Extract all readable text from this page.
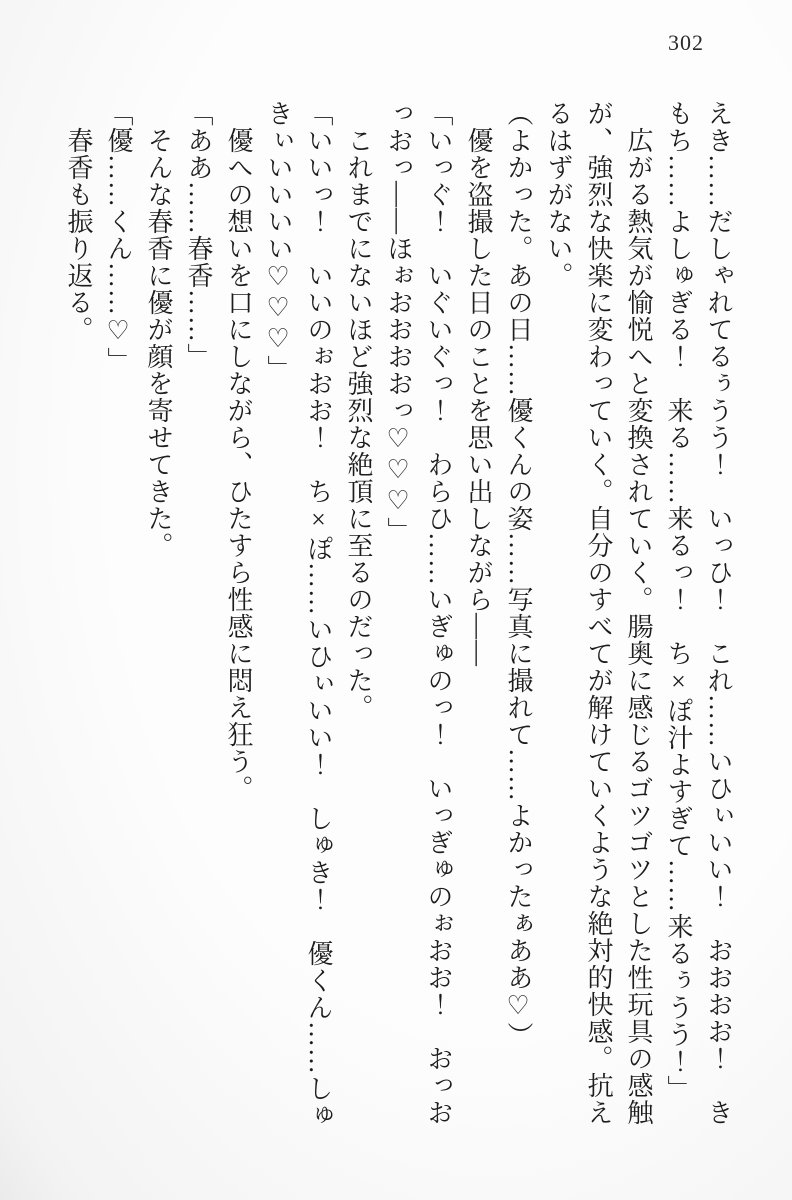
302

えき……だしゃれてるぅうう！　いっひ！　これ……いひぃいい！　おおおお！　き

もち……よしゅぎる！　来る……来るっ！　ち×ぽ汁よすぎて……来るぅうう！」

広がる熱気が愉悦へと変換されていく。腸奥に感じるゴツゴツとした性玩具の感触

が、強烈な快楽に変わっていく。自分のすべてが解けていくような絶対的快感。抗え

るはずがない。

（よかった。あの日……優くんの姿……写真に撮れて……よかったぁああ♡）

優を盗撮した日のことを思い出しながら——

「いっぐ！　いぐいぐっ！　わらひ……いぎゅのっ！　いっぎゅのぉおお！　おっお

っおっ——ほぉおおおおっ♡♡♡」

これまでにないほど強烈な絶頂に至るのだった。

「いいっ！　いいのぉおお！　ち×ぽ……いひぃいい！　しゅき！　優くん……しゅ

きぃいいいい♡♡♡」

優への想いを口にしながら、ひたすら性感に悶え狂う。

「ああ……春香……」

そんな春香に優が顔を寄せてきた。

「優……くん……♡」

春香も振り返る。
